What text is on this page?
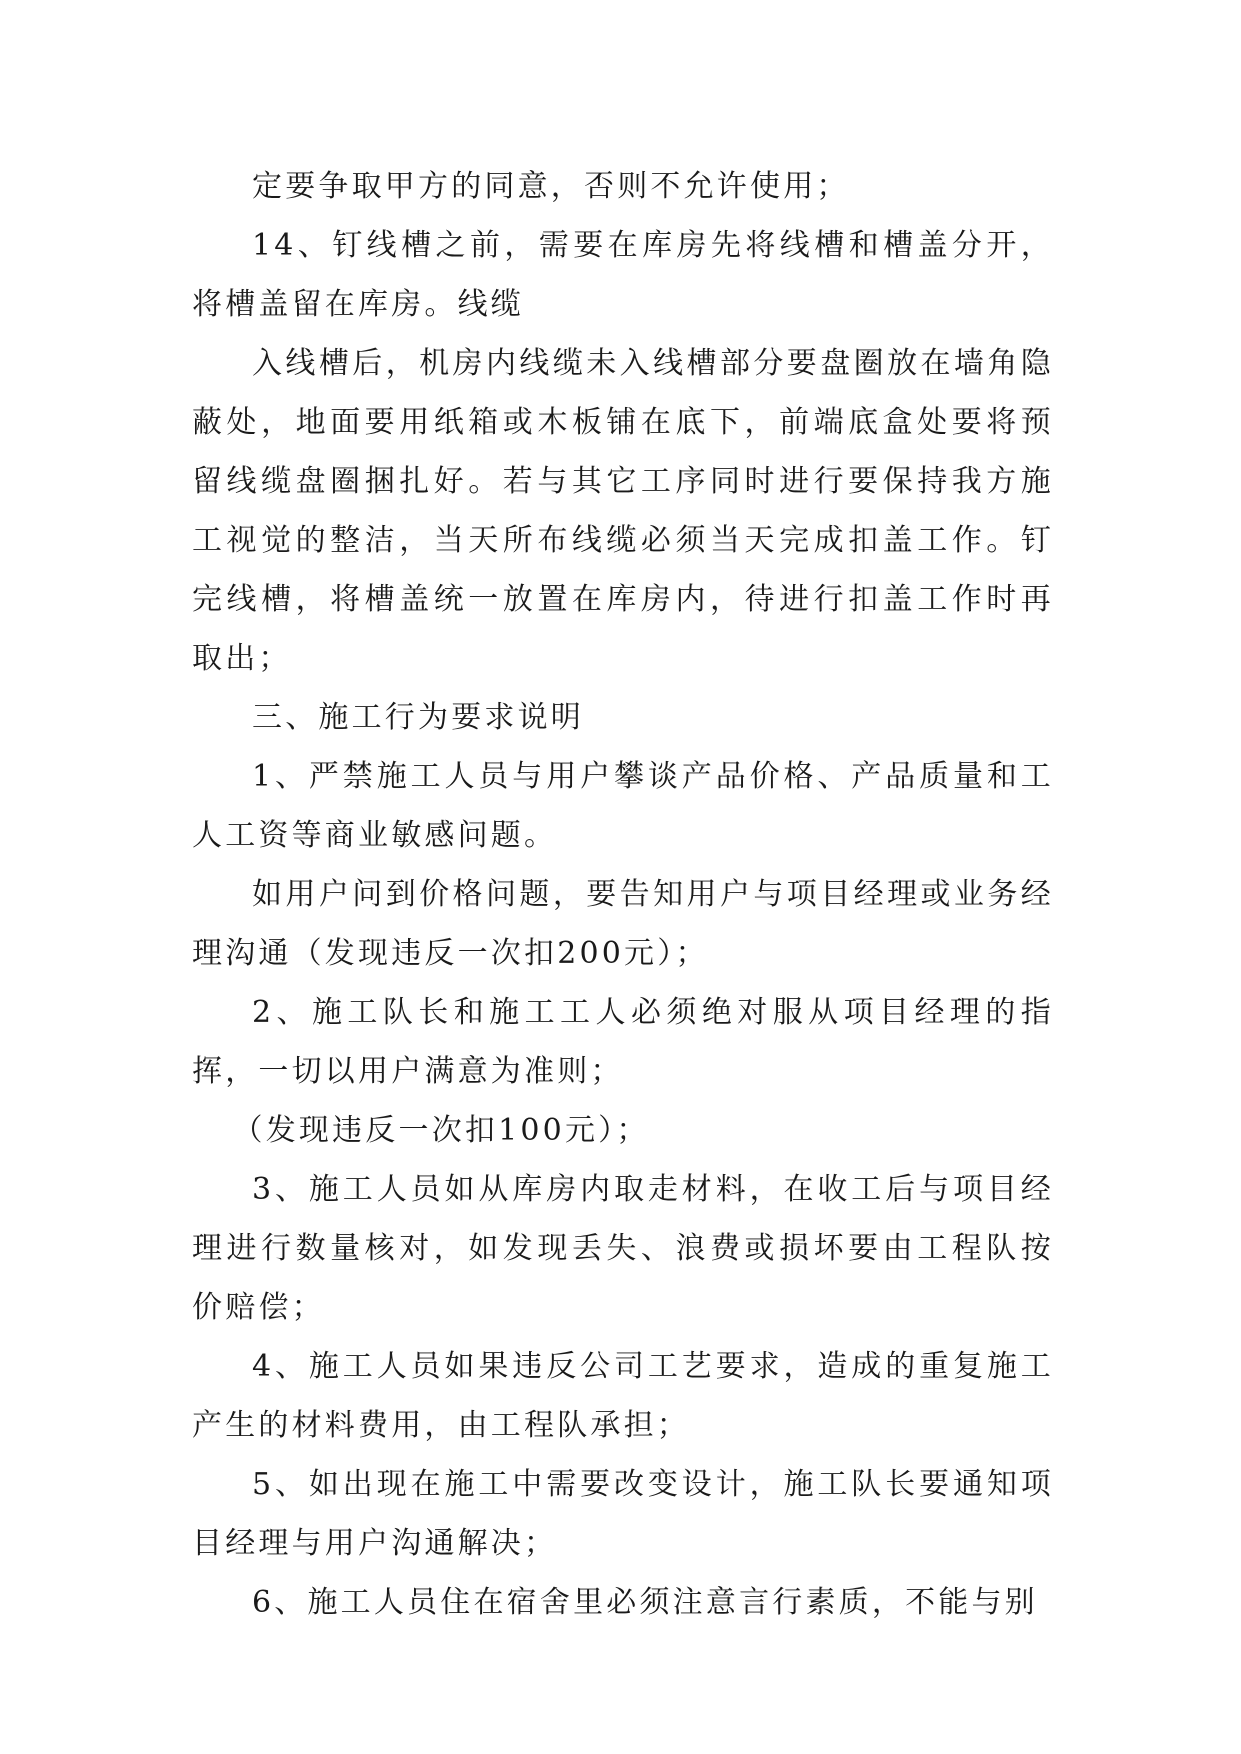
定要争取甲方的同意，否则不允许使用；

14、钉线槽之前，需要在库房先将线槽和槽盖分开，将槽盖留在库房。线缆

入线槽后，机房内线缆未入线槽部分要盘圈放在墙角隐蔽处，地面要用纸箱或木板铺在底下，前端底盒处要将预留线缆盘圈捆扎好。若与其它工序同时进行要保持我方施工视觉的整洁，当天所布线缆必须当天完成扣盖工作。钉完线槽，将槽盖统一放置在库房内，待进行扣盖工作时再取出；

三、施工行为要求说明

1、严禁施工人员与用户攀谈产品价格、产品质量和工人工资等商业敏感问题。

如用户问到价格问题，要告知用户与项目经理或业务经理沟通（发现违反一次扣200元）；

2、施工队长和施工工人必须绝对服从项目经理的指挥，一切以用户满意为准则；

（发现违反一次扣100元）；

3、施工人员如从库房内取走材料，在收工后与项目经理进行数量核对，如发现丢失、浪费或损坏要由工程队按价赔偿；

4、施工人员如果违反公司工艺要求，造成的重复施工产生的材料费用，由工程队承担；

5、如出现在施工中需要改变设计，施工队长要通知项目经理与用户沟通解决；

6、施工人员住在宿舍里必须注意言行素质，不能与别
